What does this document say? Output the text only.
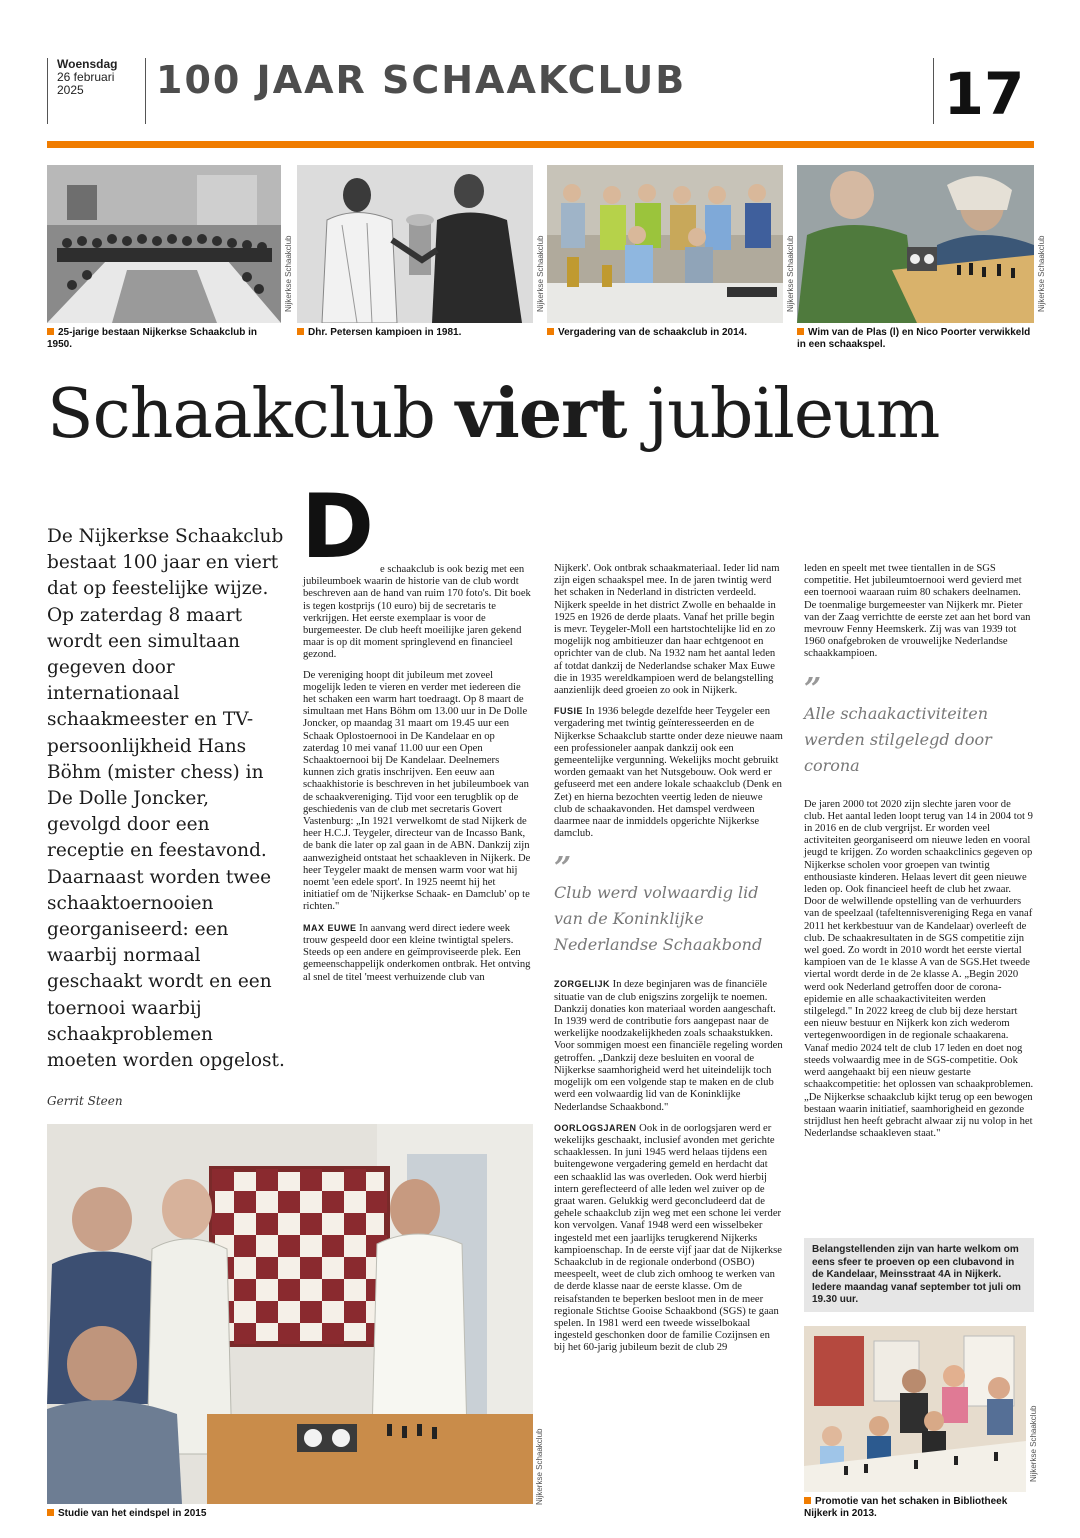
Woensdag
26 februari
2025	100 JAAR SCHAAKCLUB	17
Nijkerkse Schaakclub
25-jarige bestaan Nijkerkse Schaakclub in 1950.
Nijkerkse Schaakclub
Dhr. Petersen kampioen in 1981.
Nijkerkse Schaakclub
Vergadering van de schaakclub in 2014.
Nijkerkse Schaakclub
Wim van de Plas (l) en Nico Poorter verwikkeld in een schaakspel.
Schaakclub viert jubileum
De Nijkerkse Schaakclub bestaat 100 jaar en viert dat op feestelijke wijze. Op zaterdag 8 maart wordt een simultaan gegeven door internationaal schaakmeester en TV-persoonlijkheid Hans Böhm (mister chess) in De Dolle Joncker, gevolgd door een receptie en feestavond. Daarnaast worden twee schaaktoernooien georganiseerd: een waarbij normaal geschaakt wordt en een toernooi waarbij schaakproblemen moeten worden opgelost.
Gerrit Steen

D e schaakclub is ook bezig met een jubileumboek waarin de historie van de club wordt beschreven aan de hand van ruim 170 foto's. Dit boek is tegen kostprijs (10 euro) bij de secretaris te verkrijgen. Het eerste exemplaar is voor de burgemeester. De club heeft moeilijke jaren gekend maar is op dit moment springlevend en financieel gezond.

De vereniging hoopt dit jubileum met zoveel mogelijk leden te vieren en verder met iedereen die het schaken een warm hart toedraagt. Op 8 maart de simultaan met Hans Böhm om 13.00 uur in De Dolle Joncker, op maandag 31 maart om 19.45 uur een Schaak Oplostoernooi in De Kandelaar en op zaterdag 10 mei vanaf 11.00 uur een Open Schaaktoernooi bij De Kandelaar. Deelnemers kunnen zich gratis inschrijven. Een eeuw aan schaakhistorie is beschreven in het jubileumboek van de schaakvereniging. Tijd voor een terugblik op de geschiedenis van de club met secretaris Govert Vastenburg: „In 1921 verwelkomt de stad Nijkerk de heer H.C.J. Teygeler, directeur van de Incasso Bank, de bank die later op zal gaan in de ABN. Dankzij zijn aanwezigheid ontstaat het schaakleven in Nijkerk. De heer Teygeler maakt de mensen warm voor wat hij noemt 'een edele sport'. In 1925 neemt hij het initiatief om de 'Nijkerkse Schaak- en Damclub' op te richten."

MAX EUWE In aanvang werd direct iedere week trouw gespeeld door een kleine twintigtal spelers. Steeds op een andere en geïmproviseerde plek. Een gemeenschappelijk onderkomen ontbrak. Het ontving al snel de titel 'meest verhuizende club van

Nijkerk'. Ook ontbrak schaakmateriaal. Ieder lid nam zijn eigen schaakspel mee. In de jaren twintig werd het schaken in Nederland in districten verdeeld. Nijkerk speelde in het district Zwolle en behaalde in 1925 en 1926 de derde plaats. Vanaf het prille begin is mevr. Teygeler-Moll een hartstochtelijke lid en zo mogelijk nog ambitieuzer dan haar echtgenoot en oprichter van de club. Na 1932 nam het aantal leden af totdat dankzij de Nederlandse schaker Max Euwe die in 1935 wereldkampioen werd de belangstelling aanzienlijk deed groeien zo ook in Nijkerk.

FUSIE In 1936 belegde dezelfde heer Teygeler een vergadering met twintig geïnteresseerden en de Nijkerkse Schaakclub startte onder deze nieuwe naam een professioneler aanpak dankzij ook een gemeentelijke vergunning. Wekelijks mocht gebruikt worden gemaakt van het Nutsgebouw. Ook werd er gefuseerd met een andere lokale schaakclub (Denk en Zet) en hierna bezochten veertig leden de nieuwe club de schaakavonden. Het damspel verdween daarmee naar de inmiddels opgerichte Nijkerkse damclub.

”
Club werd volwaardig lid van de Koninklijke Nederlandse Schaakbond

ZORGELIJK In deze beginjaren was de financiële situatie van de club enigszins zorgelijk te noemen. Dankzij donaties kon materiaal worden aangeschaft. In 1939 werd de contributie fors aangepast naar de werkelijke noodzakelijkheden zoals schaakstukken. Voor sommigen moest een financiële regeling worden getroffen. „Dankzij deze besluiten en vooral de Nijkerkse saamhorigheid werd het uiteindelijk toch mogelijk om een volgende stap te maken en de club werd een volwaardig lid van de Koninklijke Nederlandse Schaakbond."

OORLOGSJAREN Ook in de oorlogsjaren werd er wekelijks geschaakt, inclusief avonden met gerichte schaaklessen. In juni 1945 werd helaas tijdens een buitengewone vergadering gemeld en herdacht dat een schaaklid las was overleden. Ook werd hierbij intern gereflecteerd of alle leden wel zuiver op de graat waren. Gelukkig werd geconcludeerd dat de gehele schaakclub zijn weg met een schone lei verder kon vervolgen. Vanaf 1948 werd een wisselbeker ingesteld met een jaarlijks terugkerend Nijkerks kampioenschap. In de eerste vijf jaar dat de Nijkerkse Schaakclub in de regionale onderbond (OSBO) meespeelt, weet de club zich omhoog te werken van de derde klasse naar de eerste klasse. Om de reisafstanden te beperken besloot men in de meer regionale Stichtse Gooise Schaakbond (SGS) te gaan spelen. In 1981 werd een tweede wisselbokaal ingesteld geschonken door de familie Cozijnsen en bij het 60-jarig jubileum bezit de club 29

leden en speelt met twee tientallen in de SGS competitie. Het jubileumtoernooi werd gevierd met een toernooi waaraan ruim 80 schakers deelnamen. De toenmalige burgemeester van Nijkerk mr. Pieter van der Zaag verrichtte de eerste zet aan het bord van mevrouw Fenny Heemskerk. Zij was van 1939 tot 1960 onafgebroken de vrouwelijke Nederlandse schaakkampioen.

”
Alle schaakactiviteiten werden stilgelegd door corona

De jaren 2000 tot 2020 zijn slechte jaren voor de club. Het aantal leden loopt terug van 14 in 2004 tot 9 in 2016 en de club vergrijst. Er worden veel activiteiten georganiseerd om nieuwe leden en vooral jeugd te krijgen. Zo worden schaakclinics gegeven op Nijkerkse scholen voor groepen van twintig enthousiaste kinderen. Helaas levert dit geen nieuwe leden op. Ook financieel heeft de club het zwaar. Door de welwillende opstelling van de verhuurders van de speelzaal (tafeltennisvereniging Rega en vanaf 2011 het kerkbestuur van de Kandelaar) overleeft de club. De schaakresultaten in de SGS competitie zijn wel goed. Zo wordt in 2010 wordt het eerste viertal kampioen van de 1e klasse A van de SGS.Het tweede viertal wordt derde in de 2e klasse A. „Begin 2020 werd ook Nederland getroffen door de corona-epidemie en alle schaakactiviteiten werden stilgelegd." In 2022 kreeg de club bij deze herstart een nieuw bestuur en Nijkerk kon zich wederom vertegenwoordigen in de regionale schaakarena. Vanaf medio 2024 telt de club 17 leden en doet nog steeds volwaardig mee in de SGS-competitie. Ook werd aangehaakt bij een nieuw gestarte schaakcompetitie: het oplossen van schaakproblemen. „De Nijkerkse schaakclub kijkt terug op een bewogen bestaan waarin initiatief, saamhorigheid en gezonde strijdlust hen heeft gebracht alwaar zij nu volop in het Nederlandse schaakleven staat."

Belangstellenden zijn van harte welkom om eens sfeer te proeven op een clubavond in de Kandelaar, Meinsstraat 4A in Nijkerk. Iedere maandag vanaf september tot juli om 19.30 uur.
Nijkerkse Schaakclub
Studie van het eindspel in 2015
Nijkerkse Schaakclub
Promotie van het schaken in Bibliotheek Nijkerk in 2013.
